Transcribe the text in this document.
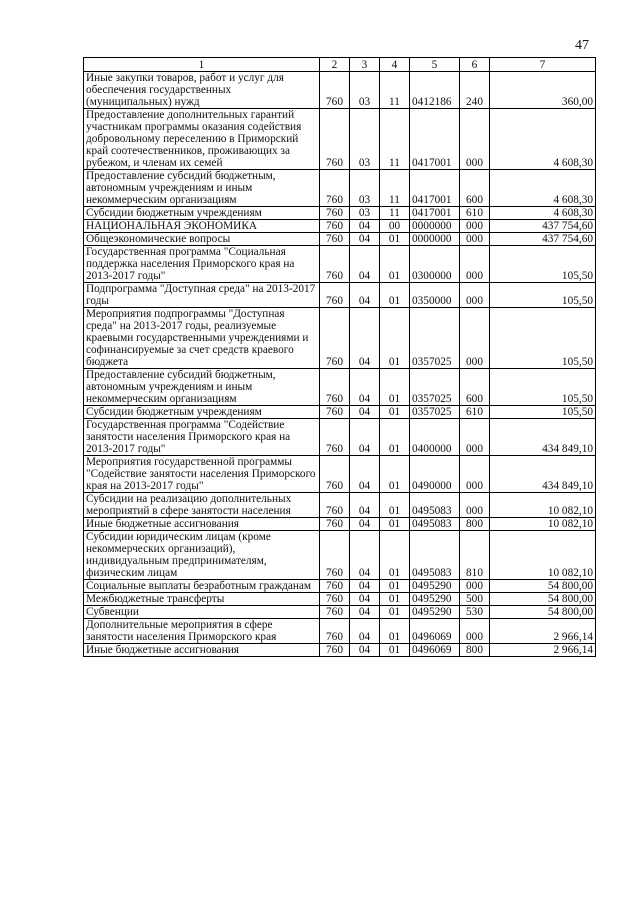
47
1	2	3	4	5	6	7
Иные закупки товаров, работ и услуг для обеспечения государственных (муниципальных) нужд	760	03	11	0412186	240	360,00
Предоставление дополнительных гарантий участникам программы оказания содействия добровольному переселению в Приморский край соотечественников, проживающих за рубежом, и членам их семей	760	03	11	0417001	000	4 608,30
Предоставление субсидий бюджетным, автономным учреждениям и иным некоммерческим организациям	760	03	11	0417001	600	4 608,30
Субсидии бюджетным учреждениям	760	03	11	0417001	610	4 608,30
НАЦИОНАЛЬНАЯ ЭКОНОМИКА	760	04	00	0000000	000	437 754,60
Общеэкономические вопросы	760	04	01	0000000	000	437 754,60
Государственная программа "Социальная поддержка населения Приморского края на 2013-2017 годы"	760	04	01	0300000	000	105,50
Подпрограмма "Доступная среда" на 2013-2017 годы	760	04	01	0350000	000	105,50
Мероприятия подпрограммы "Доступная среда" на 2013-2017 годы, реализуемые краевыми государственными учреждениями и софинансируемые за счет средств краевого бюджета	760	04	01	0357025	000	105,50
Предоставление субсидий бюджетным, автономным учреждениям и иным некоммерческим организациям	760	04	01	0357025	600	105,50
Субсидии бюджетным учреждениям	760	04	01	0357025	610	105,50
Государственная программа "Содействие занятости населения Приморского края на 2013-2017 годы"	760	04	01	0400000	000	434 849,10
Мероприятия государственной программы "Содействие занятости населения Приморского края на 2013-2017 годы"	760	04	01	0490000	000	434 849,10
Субсидии на реализацию дополнительных мероприятий в сфере занятости населения	760	04	01	0495083	000	10 082,10
Иные бюджетные ассигнования	760	04	01	0495083	800	10 082,10
Субсидии юридическим лицам (кроме некоммерческих организаций), индивидуальным предпринимателям, физическим лицам	760	04	01	0495083	810	10 082,10
Социальные выплаты безработным гражданам	760	04	01	0495290	000	54 800,00
Межбюджетные трансферты	760	04	01	0495290	500	54 800,00
Субвенции	760	04	01	0495290	530	54 800,00
Дополнительные мероприятия в сфере занятости населения Приморского края	760	04	01	0496069	000	2 966,14
Иные бюджетные ассигнования	760	04	01	0496069	800	2 966,14
